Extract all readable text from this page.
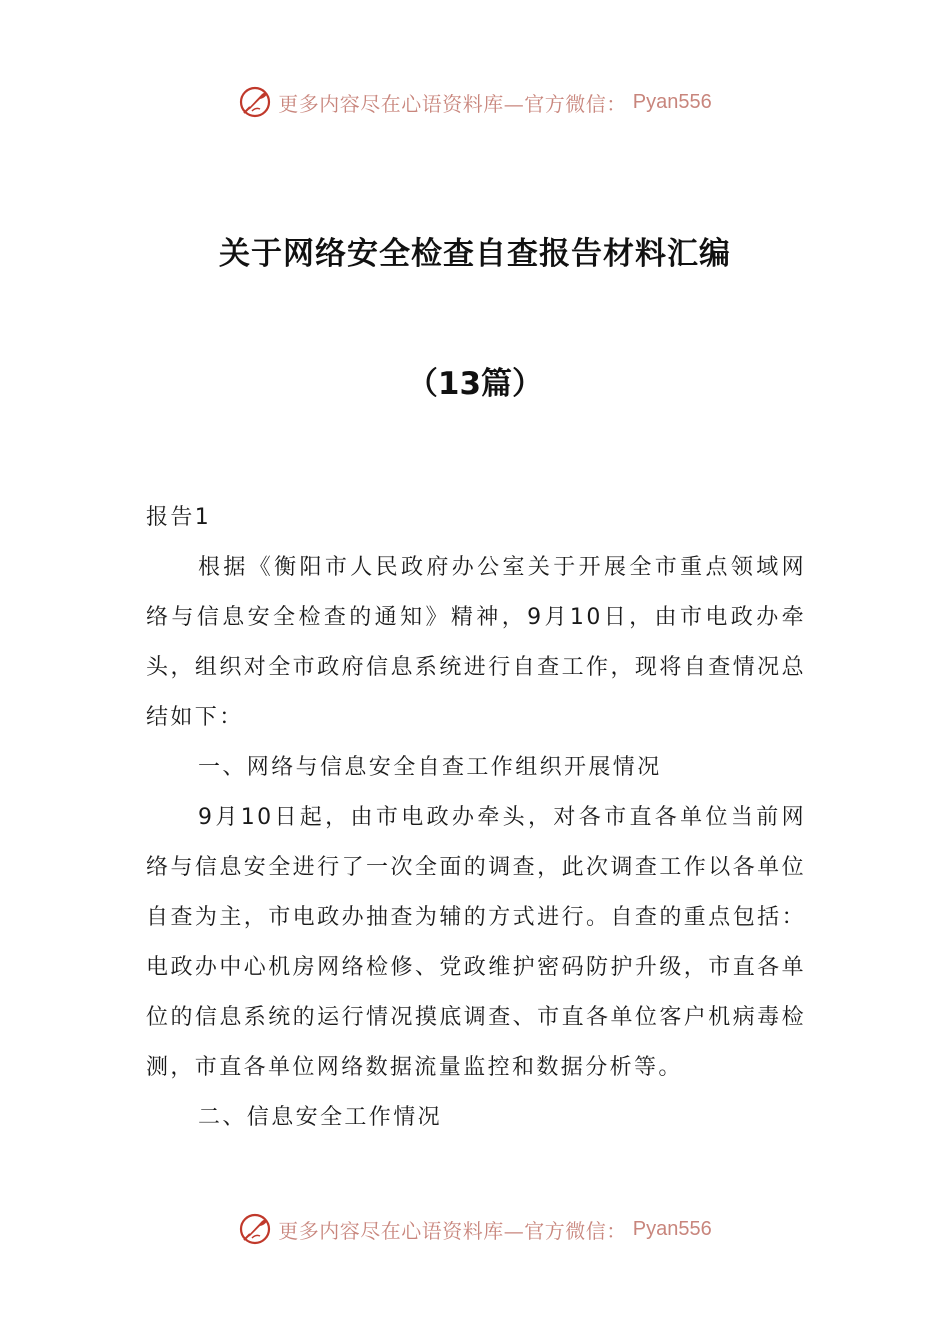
更多内容尽在心语资料库—官方微信： Pyan556
关于网络安全检查自查报告材料汇编
（13篇）

报告1

根据《衡阳市人民政府办公室关于开展全市重点领域网络与信息安全检查的通知》精神，9月10日，由市电政办牵头，组织对全市政府信息系统进行自查工作，现将自查情况总结如下：

一、网络与信息安全自查工作组织开展情况

9月10日起，由市电政办牵头，对各市直各单位当前网络与信息安全进行了一次全面的调查，此次调查工作以各单位自查为主，市电政办抽查为辅的方式进行。自查的重点包括：电政办中心机房网络检修、党政维护密码防护升级，市直各单位的信息系统的运行情况摸底调查、市直各单位客户机病毒检测，市直各单位网络数据流量监控和数据分析等。

二、信息安全工作情况

更多内容尽在心语资料库—官方微信： Pyan556
